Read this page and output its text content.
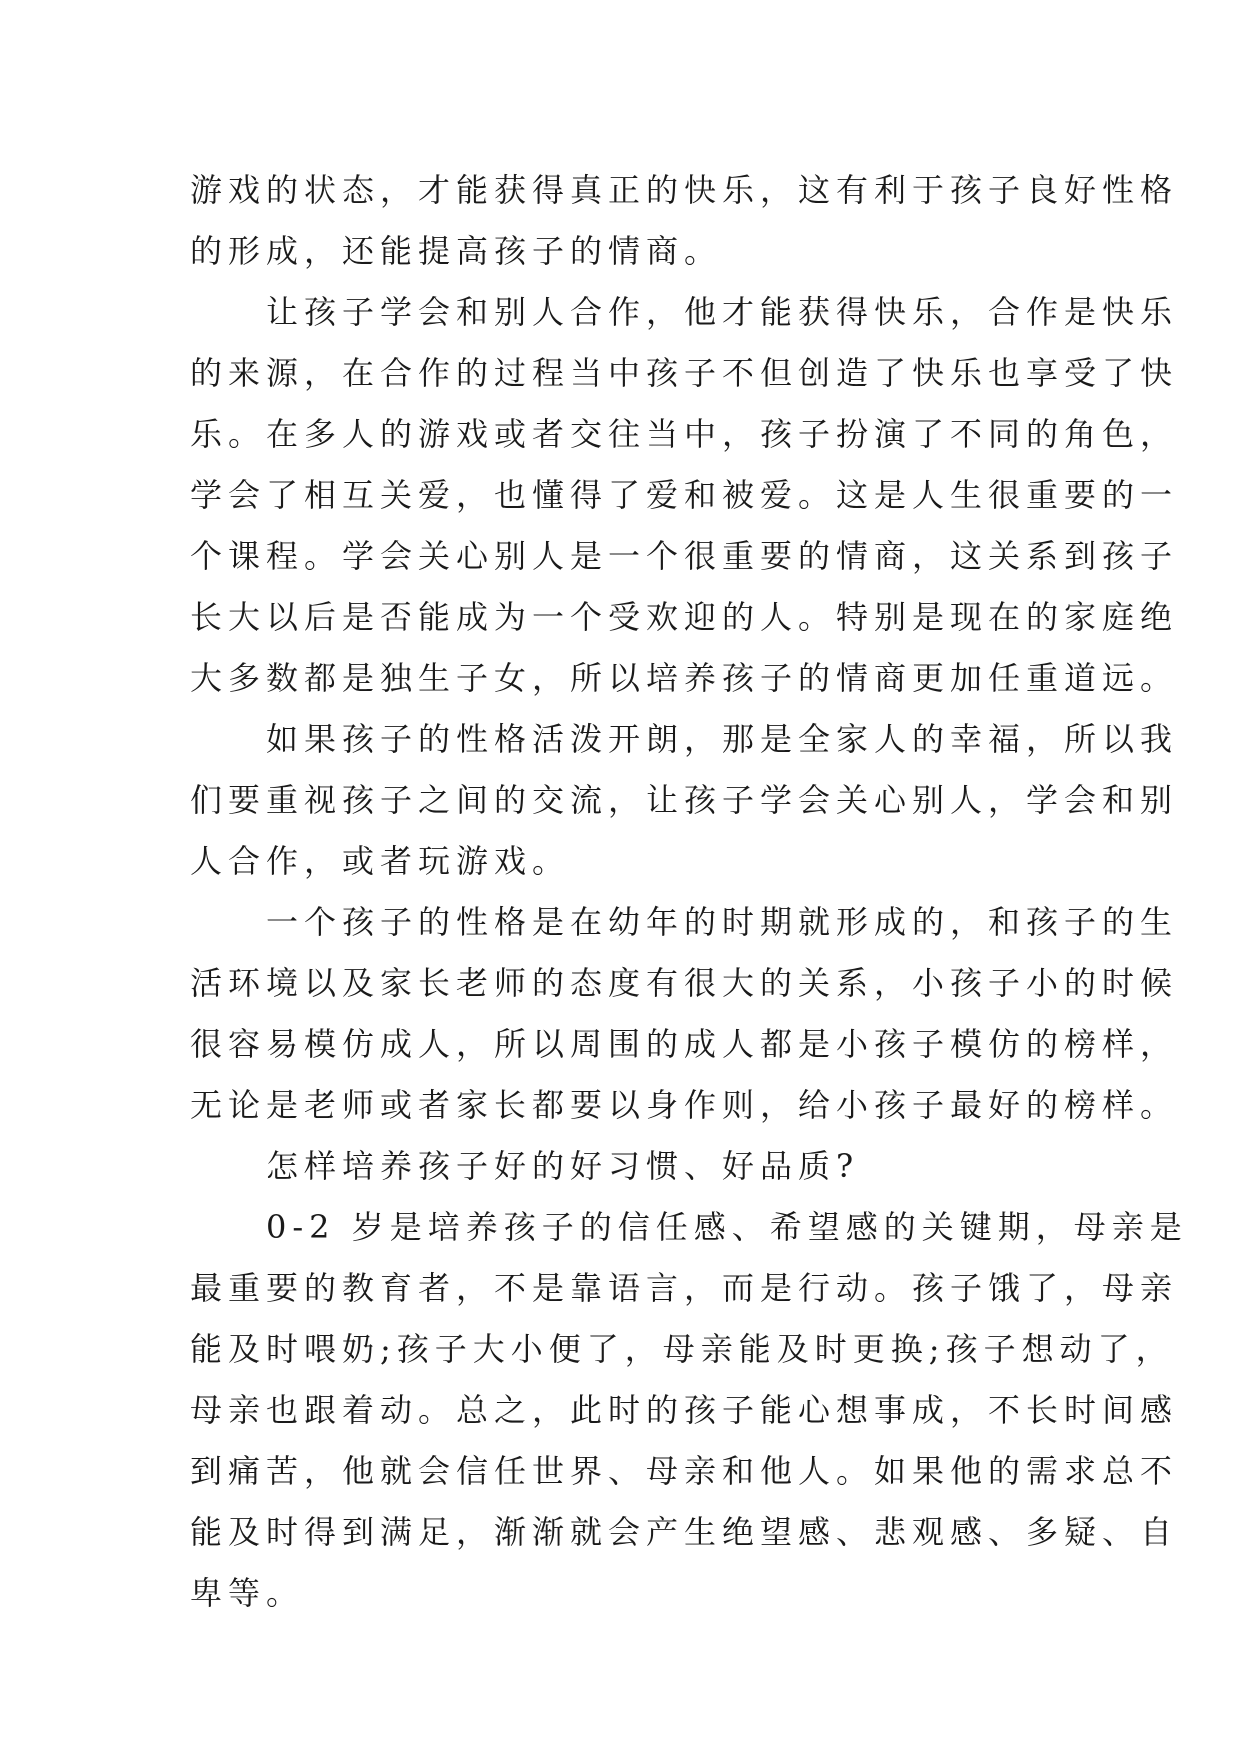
游戏的状态，才能获得真正的快乐，这有利于孩子良好性格
的形成，还能提高孩子的情商。
让孩子学会和别人合作，他才能获得快乐，合作是快乐
的来源，在合作的过程当中孩子不但创造了快乐也享受了快
乐。在多人的游戏或者交往当中，孩子扮演了不同的角色，
学会了相互关爱，也懂得了爱和被爱。这是人生很重要的一
个课程。学会关心别人是一个很重要的情商，这关系到孩子
长大以后是否能成为一个受欢迎的人。特别是现在的家庭绝
大多数都是独生子女，所以培养孩子的情商更加任重道远。
如果孩子的性格活泼开朗，那是全家人的幸福，所以我
们要重视孩子之间的交流，让孩子学会关心别人，学会和别
人合作，或者玩游戏。
一个孩子的性格是在幼年的时期就形成的，和孩子的生
活环境以及家长老师的态度有很大的关系，小孩子小的时候
很容易模仿成人，所以周围的成人都是小孩子模仿的榜样，
无论是老师或者家长都要以身作则，给小孩子最好的榜样。
怎样培养孩子好的好习惯、好品质?
0-2 岁是培养孩子的信任感、希望感的关键期，母亲是
最重要的教育者，不是靠语言，而是行动。孩子饿了，母亲
能及时喂奶;孩子大小便了，母亲能及时更换;孩子想动了，
母亲也跟着动。总之，此时的孩子能心想事成，不长时间感
到痛苦，他就会信任世界、母亲和他人。如果他的需求总不
能及时得到满足，渐渐就会产生绝望感、悲观感、多疑、自
卑等。
